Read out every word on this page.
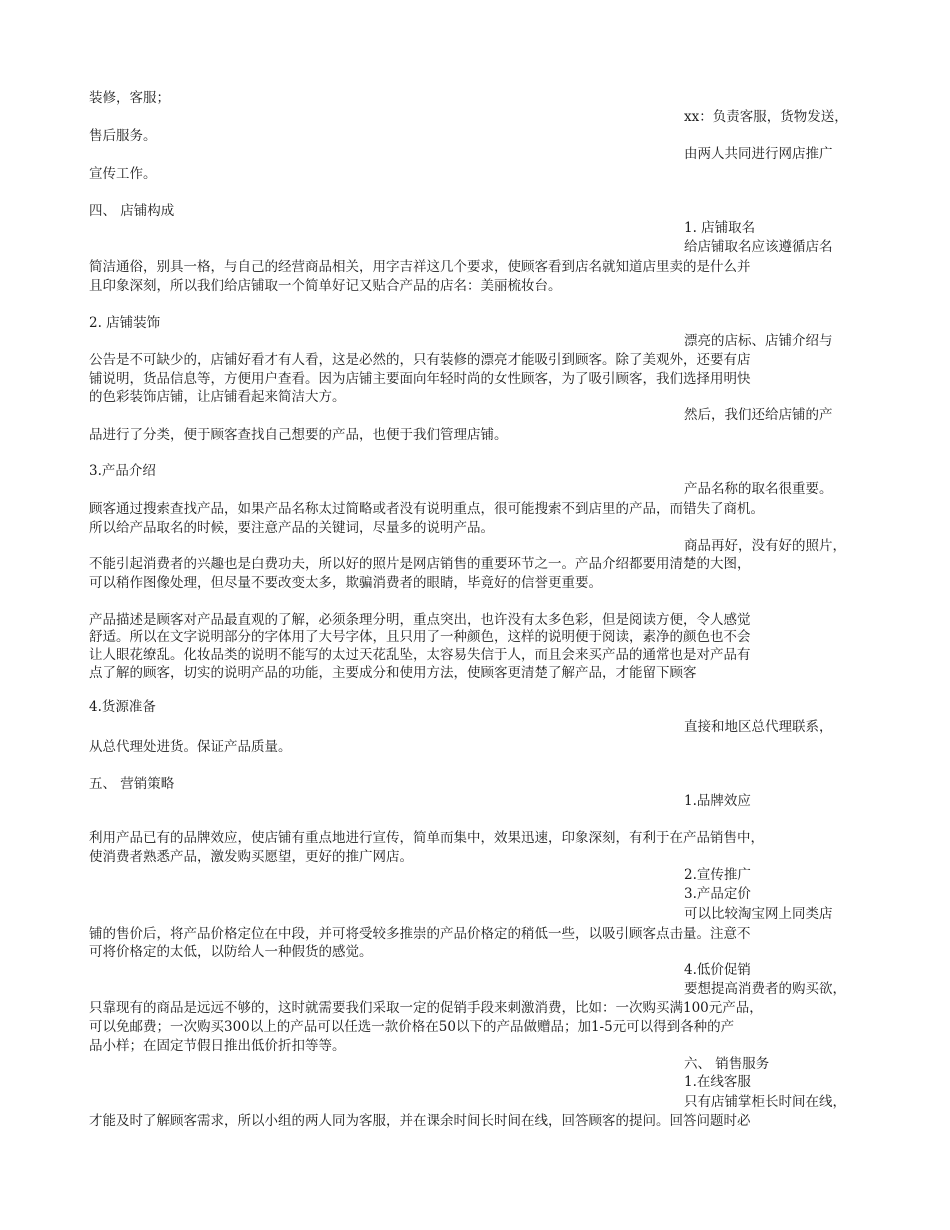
装修，客服；
xx：负责客服，货物发送，
售后服务。
由两人共同进行网店推广
宣传工作。
四、 店铺构成
1. 店铺取名
给店铺取名应该遵循店名
简洁通俗，别具一格，与自己的经营商品相关，用字吉祥这几个要求，使顾客看到店名就知道店里卖的是什么并
且印象深刻，所以我们给店铺取一个简单好记又贴合产品的店名：美丽梳妆台。
2. 店铺装饰
漂亮的店标、店铺介绍与
公告是不可缺少的，店铺好看才有人看，这是必然的，只有装修的漂亮才能吸引到顾客。除了美观外，还要有店
铺说明，货品信息等，方便用户查看。因为店铺主要面向年轻时尚的女性顾客，为了吸引顾客，我们选择用明快
的色彩装饰店铺，让店铺看起来简洁大方。
然后，我们还给店铺的产
品进行了分类，便于顾客查找自己想要的产品，也便于我们管理店铺。
3.产品介绍
产品名称的取名很重要。
顾客通过搜索查找产品，如果产品名称太过简略或者没有说明重点，很可能搜索不到店里的产品，而错失了商机。
所以给产品取名的时候，要注意产品的关键词，尽量多的说明产品。
商品再好，没有好的照片，
不能引起消费者的兴趣也是白费功夫，所以好的照片是网店销售的重要环节之一。产品介绍都要用清楚的大图，
可以稍作图像处理，但尽量不要改变太多，欺骗消费者的眼睛，毕竟好的信誉更重要。
产品描述是顾客对产品最直观的了解，必须条理分明，重点突出，也许没有太多色彩，但是阅读方便，令人感觉
舒适。所以在文字说明部分的字体用了大号字体，且只用了一种颜色，这样的说明便于阅读，素净的颜色也不会
让人眼花缭乱。化妆品类的说明不能写的太过天花乱坠，太容易失信于人，而且会来买产品的通常也是对产品有
点了解的顾客，切实的说明产品的功能，主要成分和使用方法，使顾客更清楚了解产品，才能留下顾客
4.货源准备
直接和地区总代理联系，
从总代理处进货。保证产品质量。
五、 营销策略
1.品牌效应
利用产品已有的品牌效应，使店铺有重点地进行宣传，简单而集中，效果迅速，印象深刻，有利于在产品销售中，
使消费者熟悉产品，激发购买愿望，更好的推广网店。
2.宣传推广
3.产品定价
可以比较淘宝网上同类店
铺的售价后，将产品价格定位在中段，并可将受较多推崇的产品价格定的稍低一些，以吸引顾客点击量。注意不
可将价格定的太低，以防给人一种假货的感觉。
4.低价促销
要想提高消费者的购买欲，
只靠现有的商品是远远不够的，这时就需要我们采取一定的促销手段来刺激消费，比如：一次购买满100元产品，
可以免邮费；一次购买300以上的产品可以任选一款价格在50以下的产品做赠品；加1-5元可以得到各种的产
品小样；在固定节假日推出低价折扣等等。
六、 销售服务
1.在线客服
只有店铺掌柜长时间在线，
才能及时了解顾客需求，所以小组的两人同为客服，并在课余时间长时间在线，回答顾客的提问。回答问题时必
